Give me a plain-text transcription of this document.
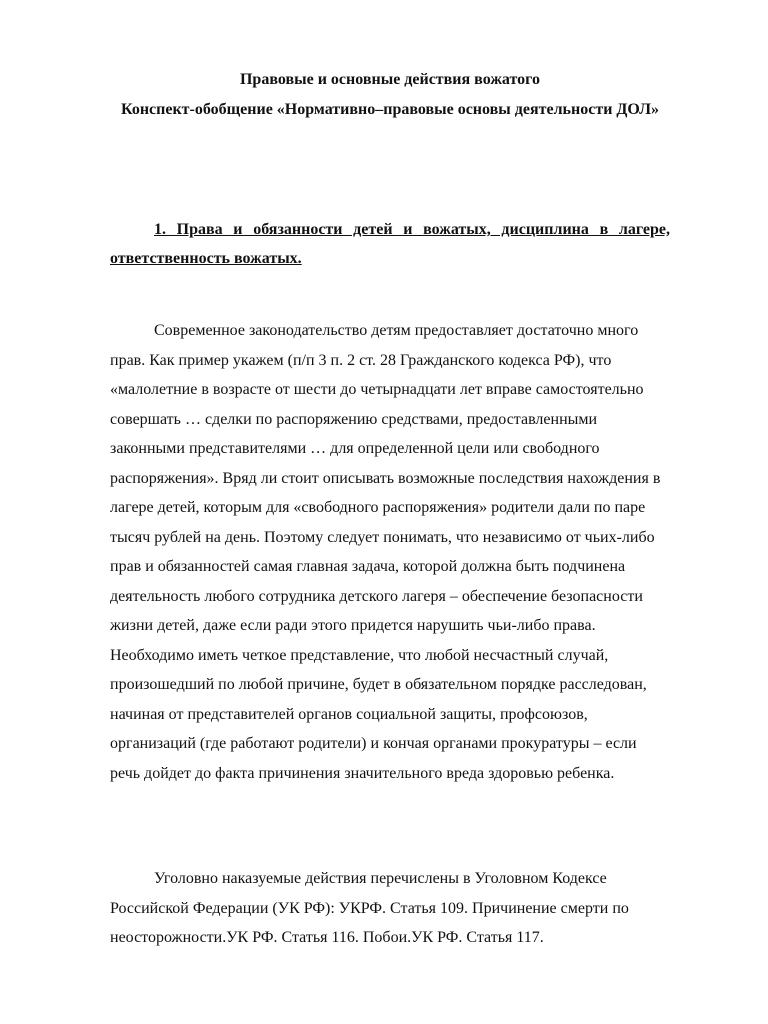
Правовые и основные действия вожатого
Конспект-обобщение «Нормативно–правовые основы деятельности ДОЛ»
1. Права и обязанности детей и вожатых, дисциплина в лагере, ответственность вожатых.

Современное законодательство детям предоставляет достаточно много прав. Как пример укажем (п/п 3 п. 2 ст. 28 Гражданского кодекса РФ), что «малолетние в возрасте от шести до четырнадцати лет вправе самостоятельно совершать … сделки по распоряжению средствами, предоставленными законными представителями … для определенной цели или свободного распоряжения». Вряд ли стоит описывать возможные последствия нахождения в лагере детей, которым для «свободного распоряжения» родители дали по паре тысяч рублей на день. Поэтому следует понимать, что независимо от чьих-либо прав и обязанностей самая главная задача, которой должна быть подчинена деятельность любого сотрудника детского лагеря – обеспечение безопасности жизни детей, даже если ради этого придется нарушить чьи-либо права. Необходимо иметь четкое представление, что любой несчастный случай, произошедший по любой причине, будет в обязательном порядке расследован, начиная от представителей органов социальной защиты, профсоюзов, организаций (где работают родители) и кончая органами прокуратуры – если речь дойдет до факта причинения значительного вреда здоровью ребенка.

Уголовно наказуемые действия перечислены в Уголовном Кодексе Российской Федерации (УК РФ): УКРФ. Статья 109. Причинение смерти по неосторожности.УК РФ. Статья 116. Побои.УК РФ. Статья 117.
